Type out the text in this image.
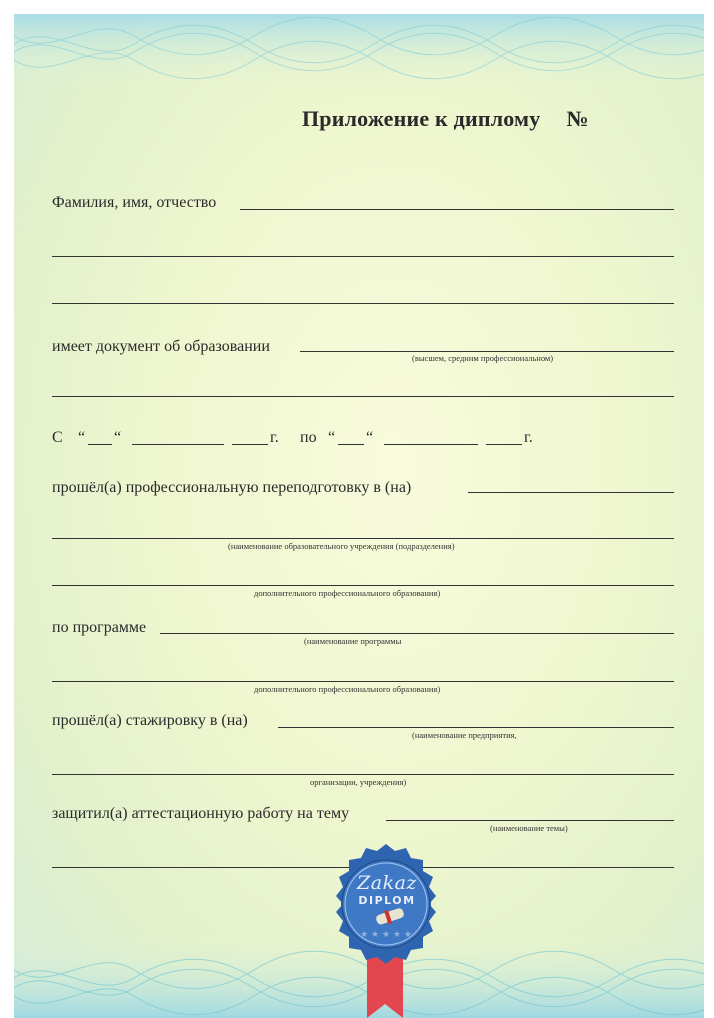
Приложение к диплому №
Фамилия, имя, отчество
имеет документ об образовании
(высшем, средним профессиональном)
С “ “	г. по “ “	г.
прошёл(а) профессиональную переподготовку в (на)
(наименование образовательного учреждения (подразделения)
дополнительного профессионального образования)
по программе
(наименование программы
дополнительного профессионального образования)
прошёл(а) стажировку в (на)
(наименование предприятия,
организации, учреждения)
защитил(а) аттестационную работу на тему
(наименование темы)
★ ★ ★ ★ ★
Zakaz
DIPLOM
